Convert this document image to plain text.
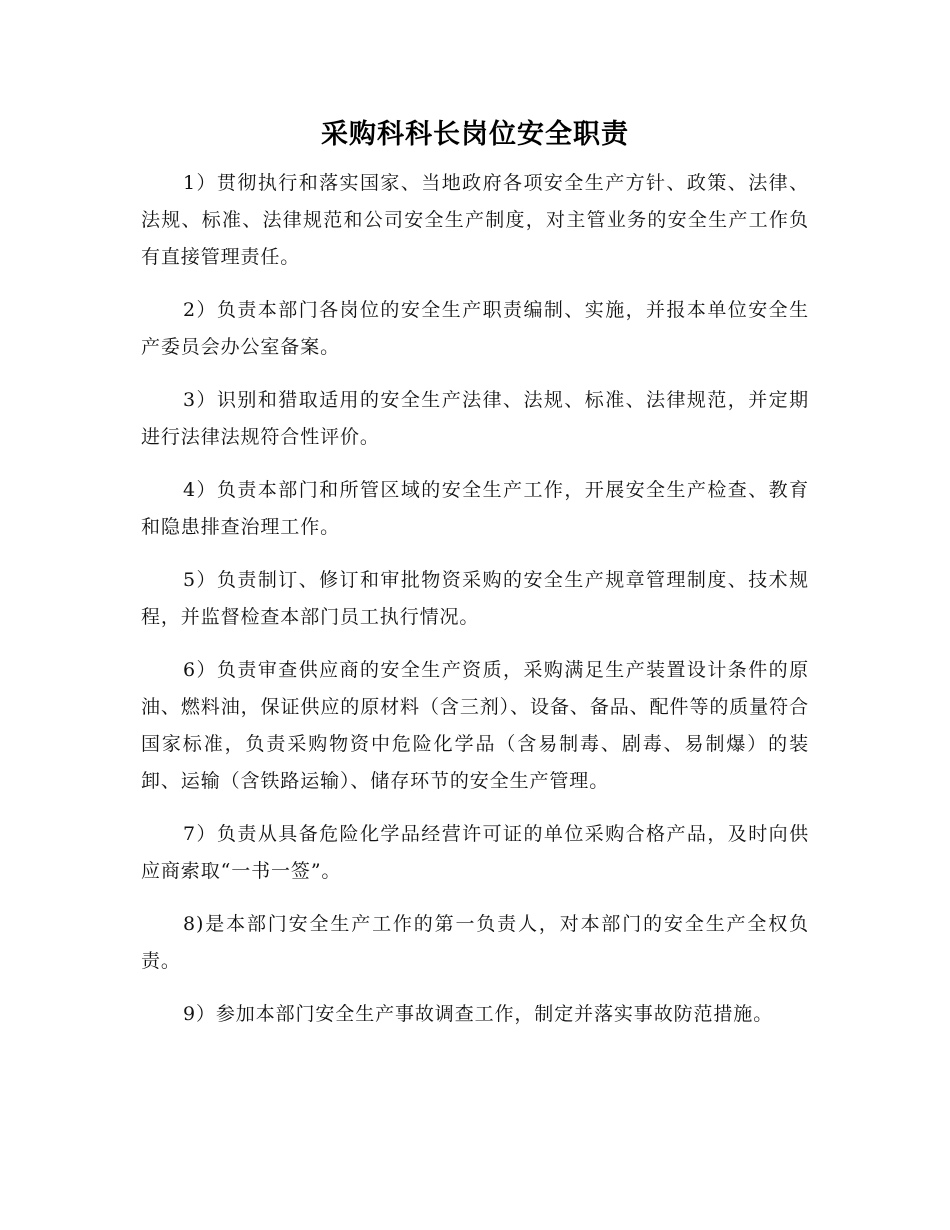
采购科科长岗位安全职责

1）贯彻执行和落实国家、当地政府各项安全生产方针、政策、法律、法规、标准、法律规范和公司安全生产制度，对主管业务的安全生产工作负有直接管理责任。

2）负责本部门各岗位的安全生产职责编制、实施，并报本单位安全生产委员会办公室备案。

3）识别和猎取适用的安全生产法律、法规、标准、法律规范，并定期进行法律法规符合性评价。

4）负责本部门和所管区域的安全生产工作，开展安全生产检查、教育和隐患排查治理工作。

5）负责制订、修订和审批物资采购的安全生产规章管理制度、技术规程，并监督检查本部门员工执行情况。

6）负责审查供应商的安全生产资质，采购满足生产装置设计条件的原油、燃料油，保证供应的原材料（含三剂）、设备、备品、配件等的质量符合国家标准，负责采购物资中危险化学品（含易制毒、剧毒、易制爆）的装卸、运输（含铁路运输）、储存环节的安全生产管理。

7）负责从具备危险化学品经营许可证的单位采购合格产品，及时向供应商索取“一书一签”。

8)是本部门安全生产工作的第一负责人，对本部门的安全生产全权负责。

9）参加本部门安全生产事故调查工作，制定并落实事故防范措施。
